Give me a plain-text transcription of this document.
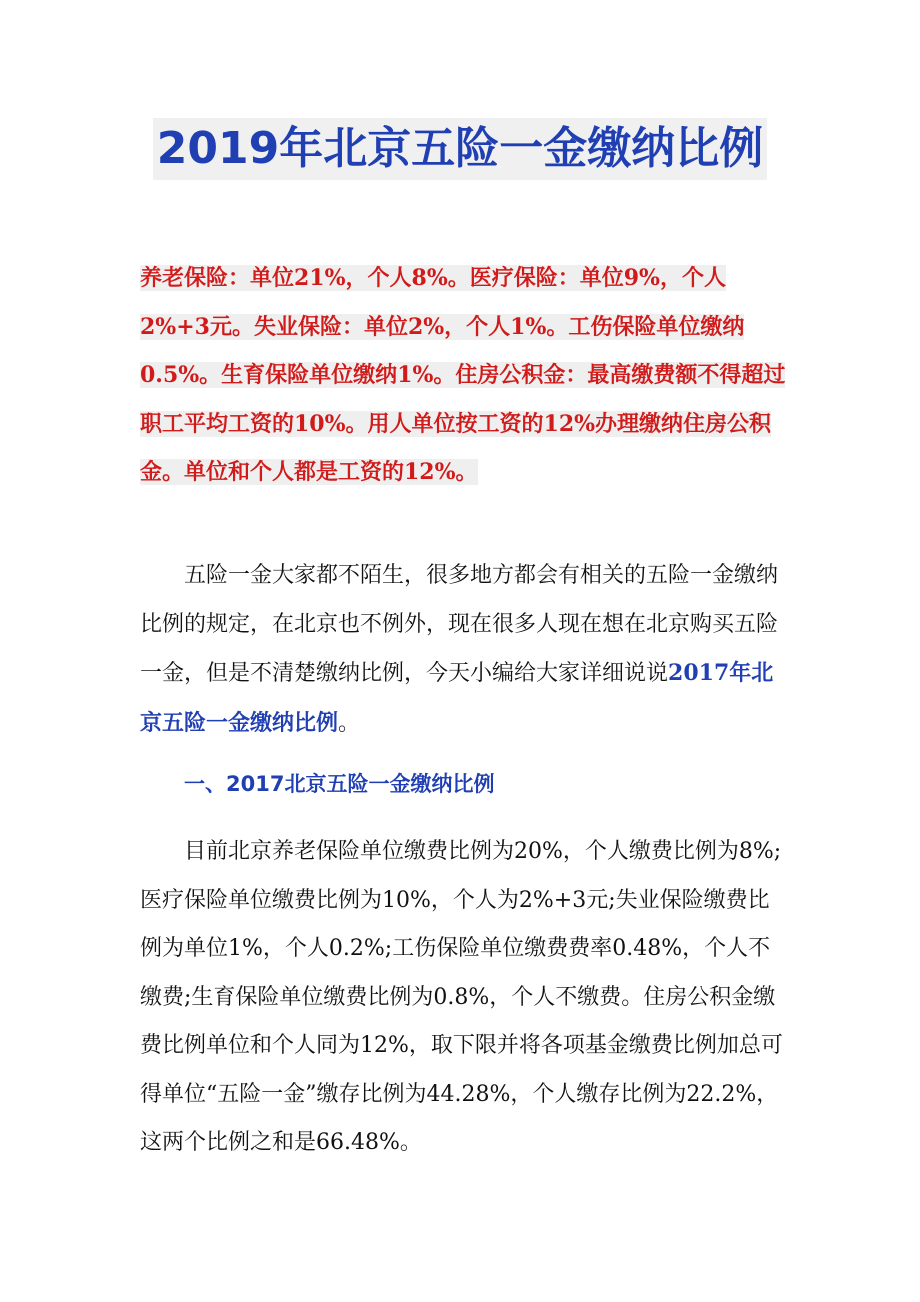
2019年北京五险一金缴纳比例
养老保险：单位21%，个人8%。医疗保险：单位9%，个人2%+3元。失业保险：单位2%，个人1%。工伤保险单位缴纳0.5%。生育保险单位缴纳1%。住房公积金：最高缴费额不得超过职工平均工资的10%。用人单位按工资的12%办理缴纳住房公积金。单位和个人都是工资的12%。

五险一金大家都不陌生，很多地方都会有相关的五险一金缴纳比例的规定，在北京也不例外，现在很多人现在想在北京购买五险一金，但是不清楚缴纳比例，今天小编给大家详细说说2017年北京五险一金缴纳比例。

一、2017北京五险一金缴纳比例

目前北京养老保险单位缴费比例为20%，个人缴费比例为8%;医疗保险单位缴费比例为10%，个人为2%+3元;失业保险缴费比例为单位1%，个人0.2%;工伤保险单位缴费费率0.48%，个人不缴费;生育保险单位缴费比例为0.8%，个人不缴费。住房公积金缴费比例单位和个人同为12%，取下限并将各项基金缴费比例加总可得单位“五险一金”缴存比例为44.28%，个人缴存比例为22.2%，这两个比例之和是66.48%。
